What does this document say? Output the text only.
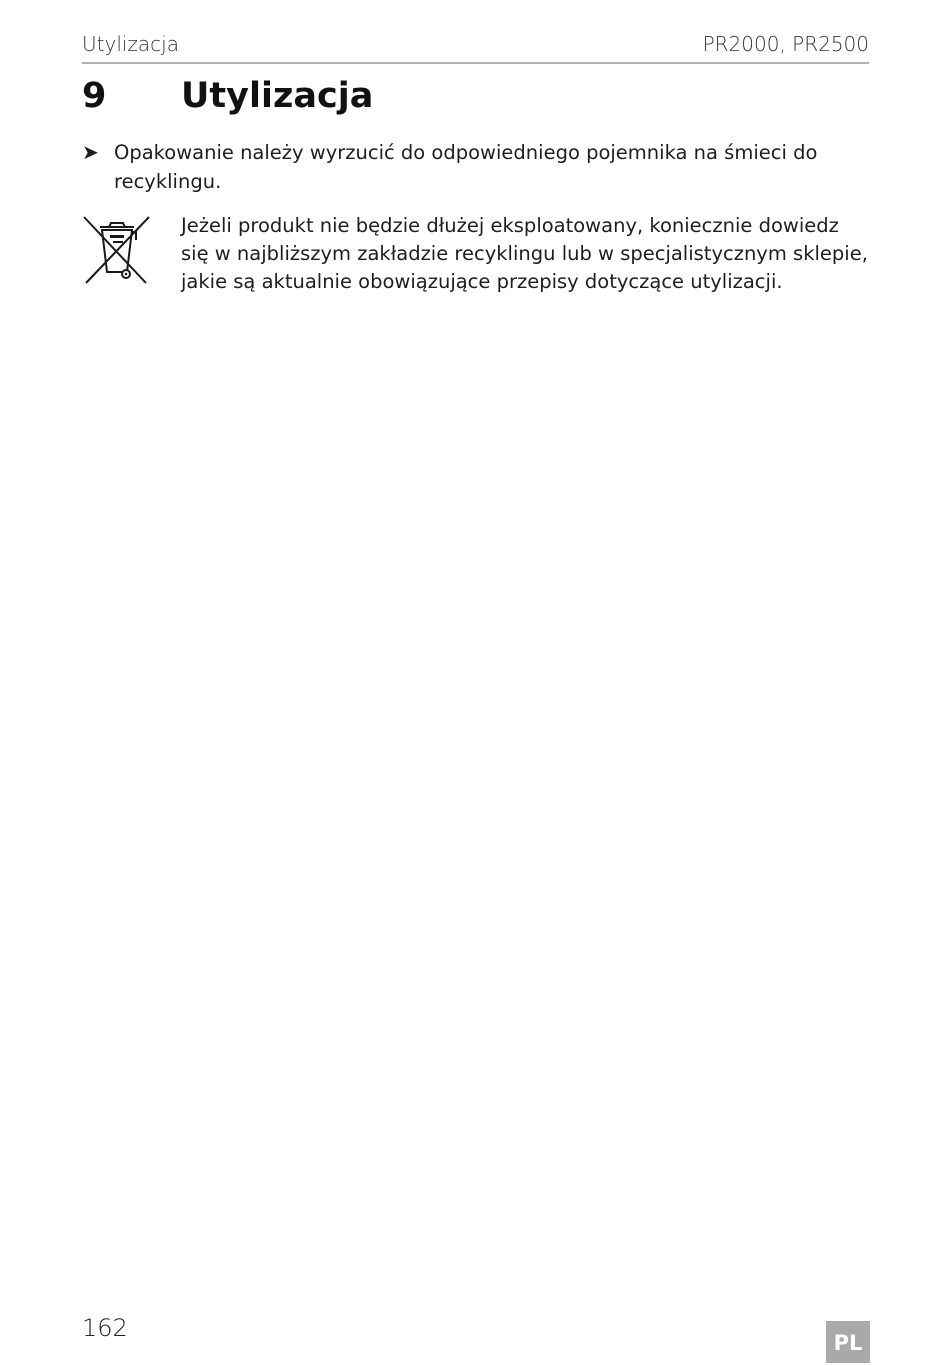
Utylizacja	PR2000, PR2500
9 Utylizacja
➤ Opakowanie należy wyrzucić do odpowiedniego pojemnika na śmieci do recyklingu.
Jeżeli produkt nie będzie dłużej eksploatowany, koniecznie dowiedz się w najbliższym zakładzie recyklingu lub w specjalistycznym sklepie, jakie są aktualnie obowiązujące przepisy dotyczące utylizacji.
162
PL
